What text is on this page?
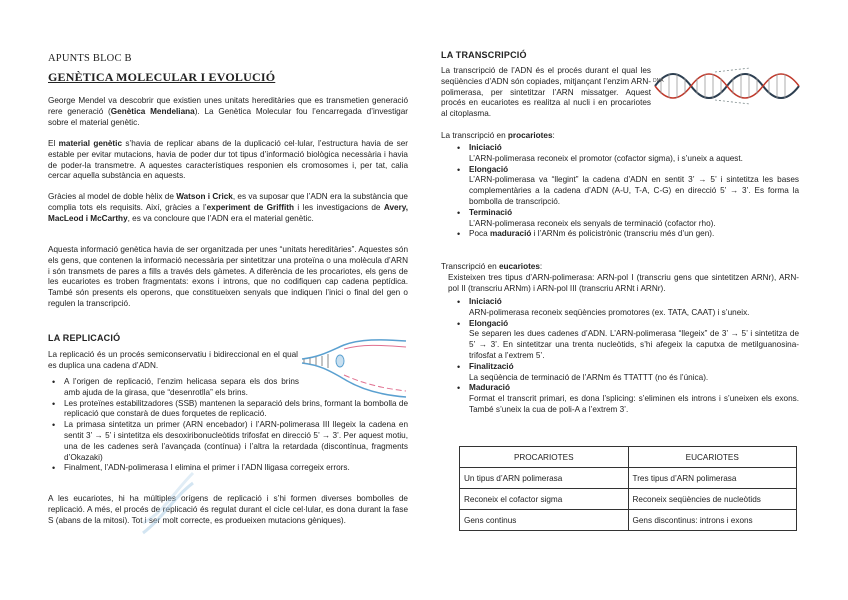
APUNTS BLOC B
GENÈTICA MOLECULAR I EVOLUCIÓ

George Mendel va descobrir que existien unes unitats hereditàries que es transmetien generació rere generació (Genètica Mendeliana). La Genètica Molecular fou l’encarregada d’investigar sobre el material genètic.

El material genètic s’havia de replicar abans de la duplicació cel·lular, l’estructura havia de ser estable per evitar mutacions, havia de poder dur tot tipus d’informació biològica necessària i havia de poder-la transmetre. A aquestes característiques responien els cromosomes i, per tat, calia cercar aquella substància en aquests.

Gràcies al model de doble hèlix de Watson i Crick, es va suposar que l’ADN era la substància que complia tots els requisits. Així, gràcies a l’experiment de Griffith i les investigacions de Avery, MacLeod i McCarthy, es va concloure que l’ADN era el material genètic.

Aquesta informació genètica havia de ser organitzada per unes “unitats hereditàries”. Aquestes són els gens, que contenen la informació necessària per sintetitzar una proteïna o una molècula d’ARN i són transmets de pares a fills a través dels gàmetes. A diferència de les procariotes, els gens de les eucariotes es troben fragmentats: exons i introns, que no codifiquen cap cadena peptídica. També són presents els operons, que constitueixen senyals que indiquen l’inici o final del gen o regulen la transcripció.

LA REPLICACIÓ

La replicació és un procés semiconservatiu i bidireccional en el qual es duplica una cadena d’ADN.

• A l’origen de replicació, l’enzim helicasa separa els dos brins amb ajuda de la girasa, que “desenrotlla” els brins.
• Les proteïnes estabilitzadores (SSB) mantenen la separació dels brins, formant la bombolla de replicació que constarà de dues forquetes de replicació.
• La primasa sintetitza un primer (ARN encebador) i l’ARN-polimerasa III llegeix la cadena en sentit 3’ → 5’ i sintetitza els desoxiribonucleòtids trifosfat en direcció 5’ → 3’. Per aquest motiu, una de les cadenes serà l’avançada (contínua) i l’altra la retardada (discontínua, fragments d’Okazaki)
• Finalment, l’ADN-polimerasa I elimina el primer i l’ADN lligasa corregeix errors.

A les eucariotes, hi ha múltiples orígens de replicació i s’hi formen diverses bombolles de replicació. A més, el procés de replicació és regulat durant el cicle cel·lular, es dona durant la fase S (abans de la mitosi). Tot i ser molt correcte, es produeixen mutacions gèniques).

LA TRANSCRIPCIÓ

La transcripció de l’ADN és el procés durant el qual les seqüències d’ADN són copiades, mitjançant l’enzim ARN-polimerasa, per sintetitzar l’ARN missatger. Aquest procés en eucariotes es realitza al nucli i en procariotes al citoplasma.

DNA

La transcripció en procariotes:

• Iniciació
L’ARN-polimerasa reconeix el promotor (cofactor sigma), i s’uneix a aquest.
• Elongació
L’ARN-polimerasa va “llegint” la cadena d’ADN en sentit 3’ → 5’ i sintetitza les bases complementàries a la cadena d’ADN (A-U, T-A, C-G) en direcció 5’ → 3’. Es forma la bombolla de transcripció.
• Terminació
L’ARN-polimerasa reconeix els senyals de terminació (cofactor rho).
• Poca maduració i l’ARNm és policistrònic (transcriu més d’un gen).

Transcripció en eucariotes:

Existeixen tres tipus d’ARN-polimerasa: ARN-pol I (transcriu gens que sintetitzen ARNr), ARN-pol II (transcriu ARNm) i ARN-pol III (transcriu ARNt i ARNr).

• Iniciació
ARN-polimerasa reconeix seqüències promotores (ex. TATA, CAAT) i s’uneix.
• Elongació
Se separen les dues cadenes d’ADN. L’ARN-polimerasa “llegeix” de 3’ → 5’ i sintetitza de 5’ → 3’. En sintetitzar una trenta nucleòtids, s’hi afegeix la caputxa de metilguanosina-trifosfat a l’extrem 5’.
• Finalització
La seqüència de terminació de l’ARNm és TTATTT (no és l’única).
• Maduració
Format el transcrit primari, es dona l’splicing: s’eliminen els introns i s’uneixen els exons. També s’uneix la cua de poli-A a l’extrem 3’.
PROCARIOTES	EUCARIOTES
Un tipus d’ARN polimerasa	Tres tipus d’ARN polimerasa
Reconeix el cofactor sigma	Reconeix seqüències de nucleòtids
Gens continus	Gens discontinus: introns i exons
